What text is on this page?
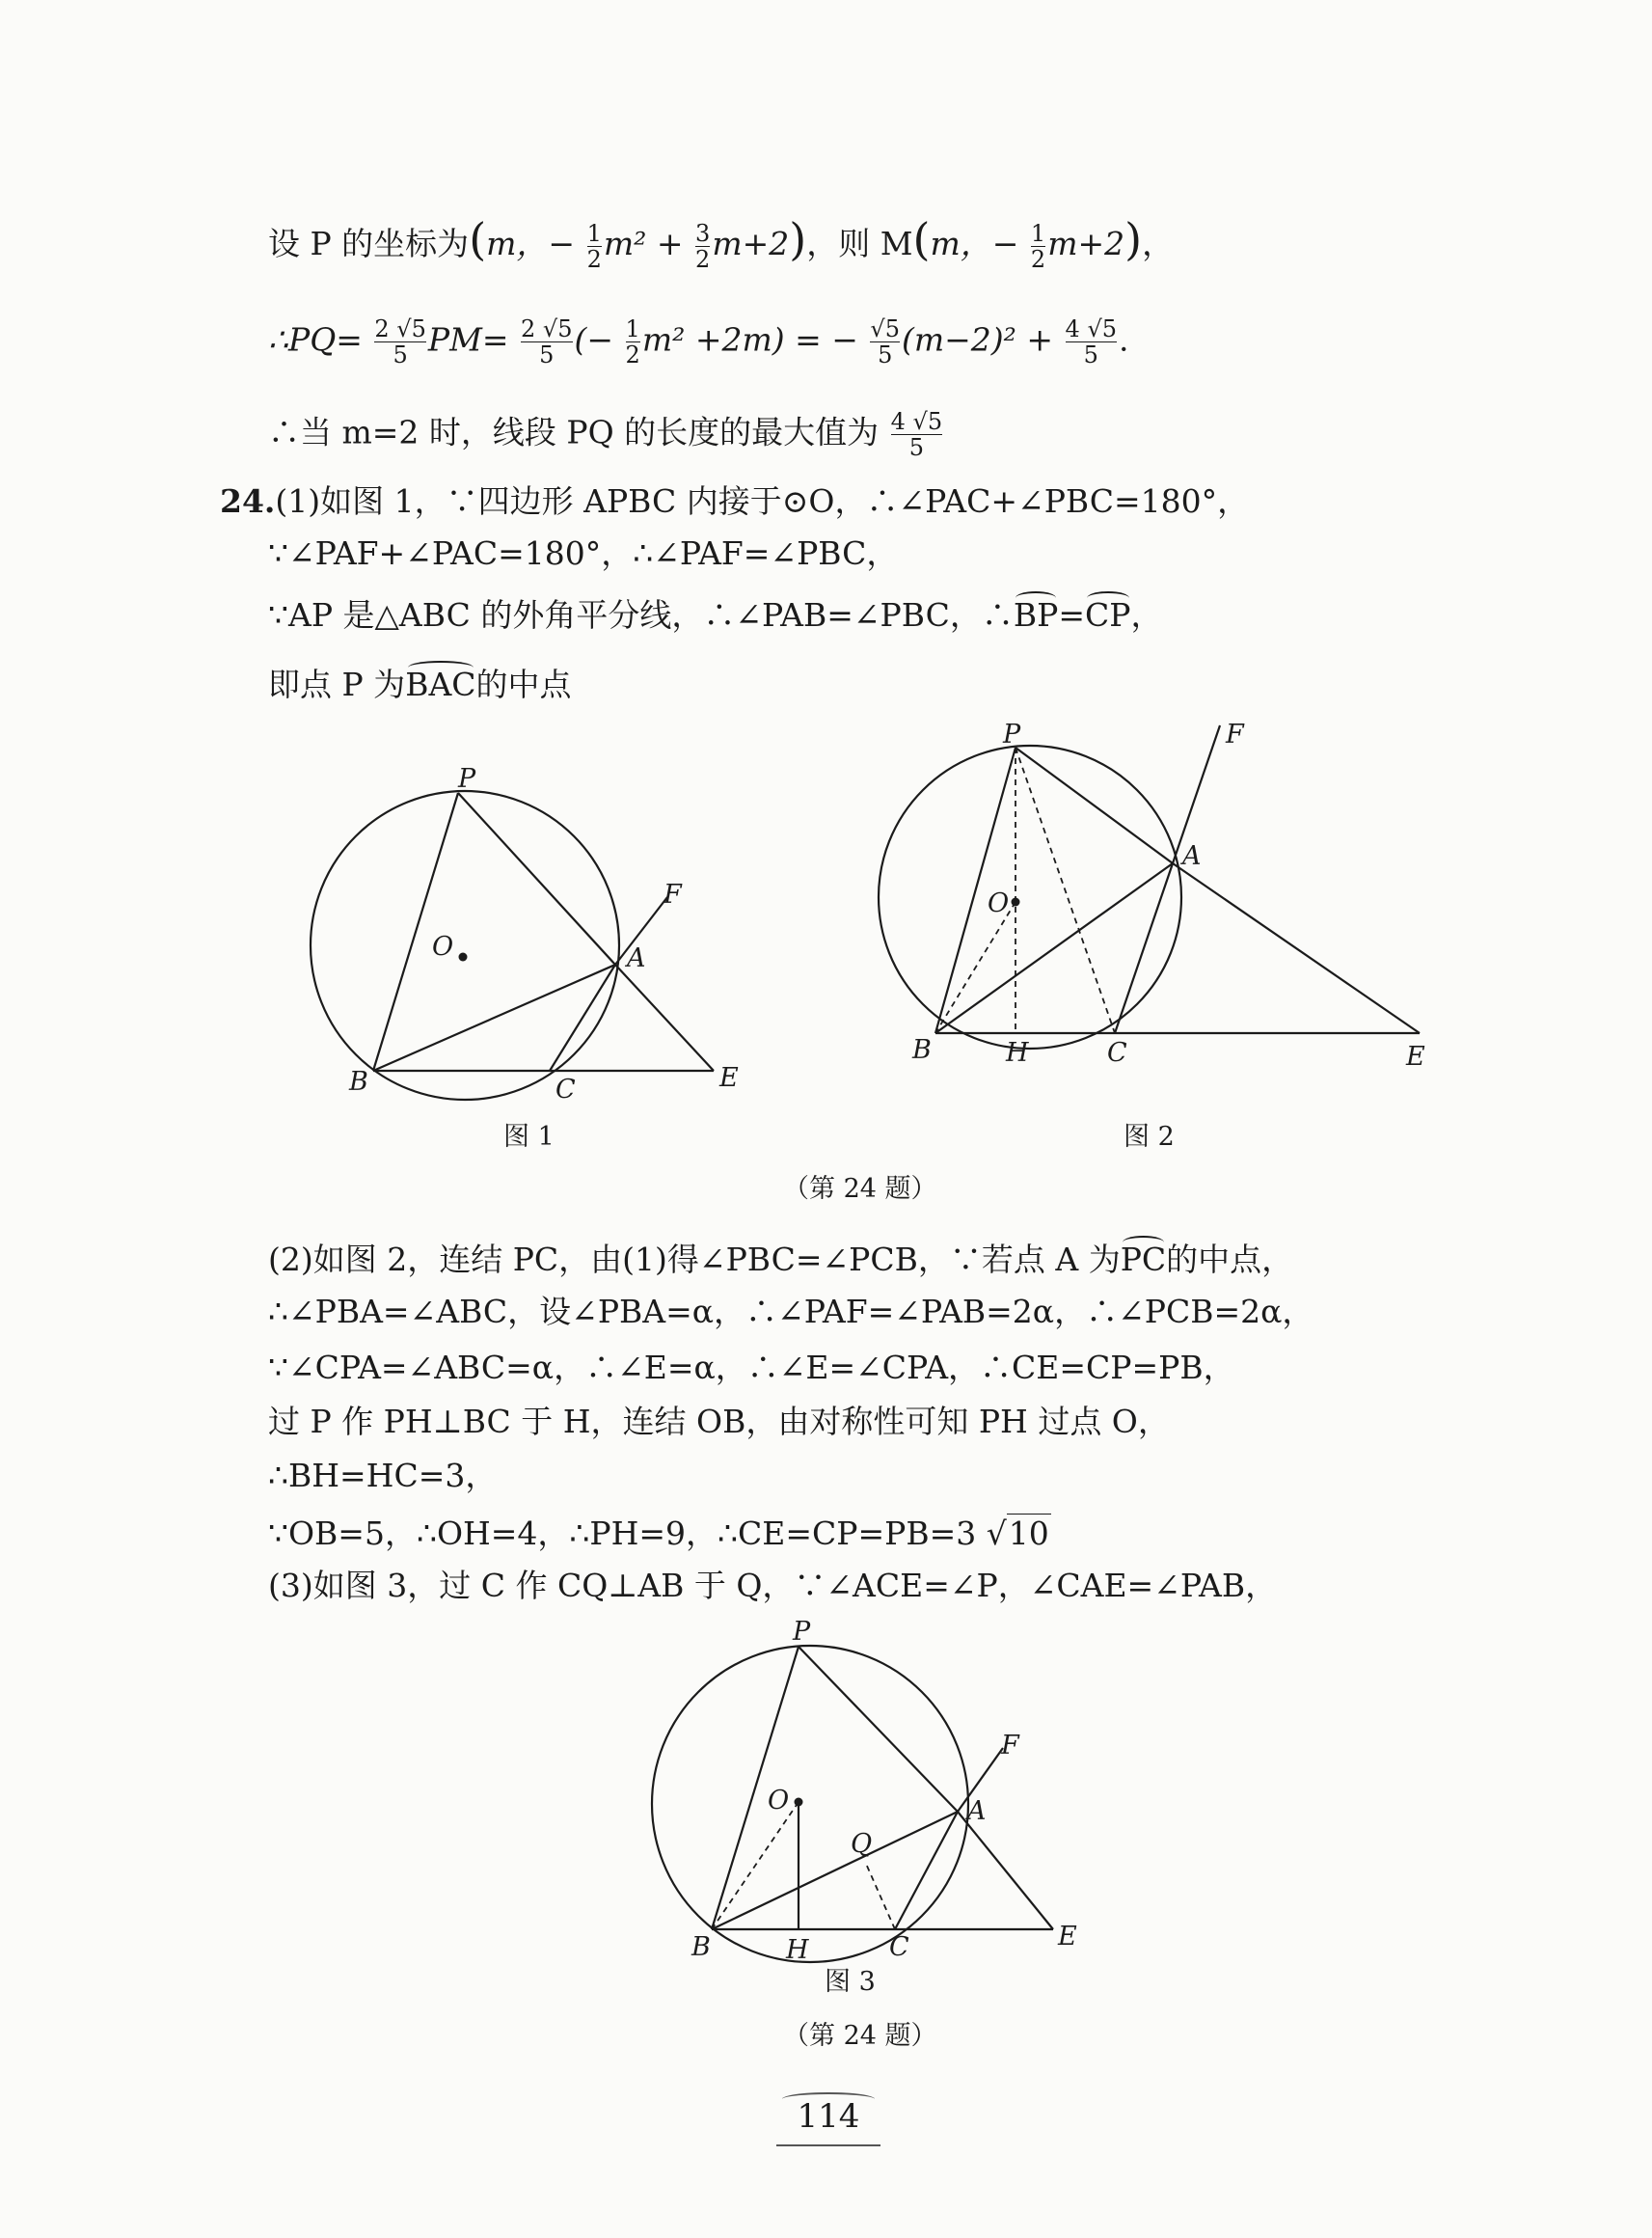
设 P 的坐标为(m，− $\frac{1}{2} m^2 + \frac{3}{2} m+2$)，则 M(m，− $\frac{1}{2} m+2$)，
∴PQ= $\frac{2 √5}{5} PM= \frac{2 √5}{5}$ (− $\frac{1}{2} m^2 +2m$) = − $\frac{√5}{5} (m-2)^2 + \frac{4 √5}{5}$ .
∴当 m=2 时，线段 PQ 的长度的最大值为 $\frac{4 √5}{5}$
24.(1)如图 1，∵四边形 APBC 内接于⊙O，∴∠PAC+∠PBC=180°，
∵∠PAF+∠PAC=180°，∴∠PAF=∠PBC，
∵AP 是△ABC 的外角平分线，∴∠PAB=∠PBC，∴BP=CP，
即点 P 为BAC的中点
P
O	A
F
B	C	E
图 1
P
O
A
F
B	H	C	E
图 2
（第 24 题）
(2)如图 2，连结 PC，由(1)得∠PBC=∠PCB，∵若点 A 为PC的中点，
∴∠PBA=∠ABC，设∠PBA=α，∴∠PAF=∠PAB=2α，∴∠PCB=2α，
∵∠CPA=∠ABC=α，∴∠E=α，∴∠E=∠CPA，∴CE=CP=PB，
过 P 作 PH⊥BC 于 H，连结 OB，由对称性可知 PH 过点 O，
∴BH=HC=3，
∵OB=5，∴OH=4，∴PH=9，∴CE=CP=PB=3 √10
(3)如图 3，过 C 作 CQ⊥AB 于 Q，∵∠ACE=∠P，∠CAE=∠PAB，
P
O
Q
A
F
B	H	C	E
图 3
（第 24 题）
114
